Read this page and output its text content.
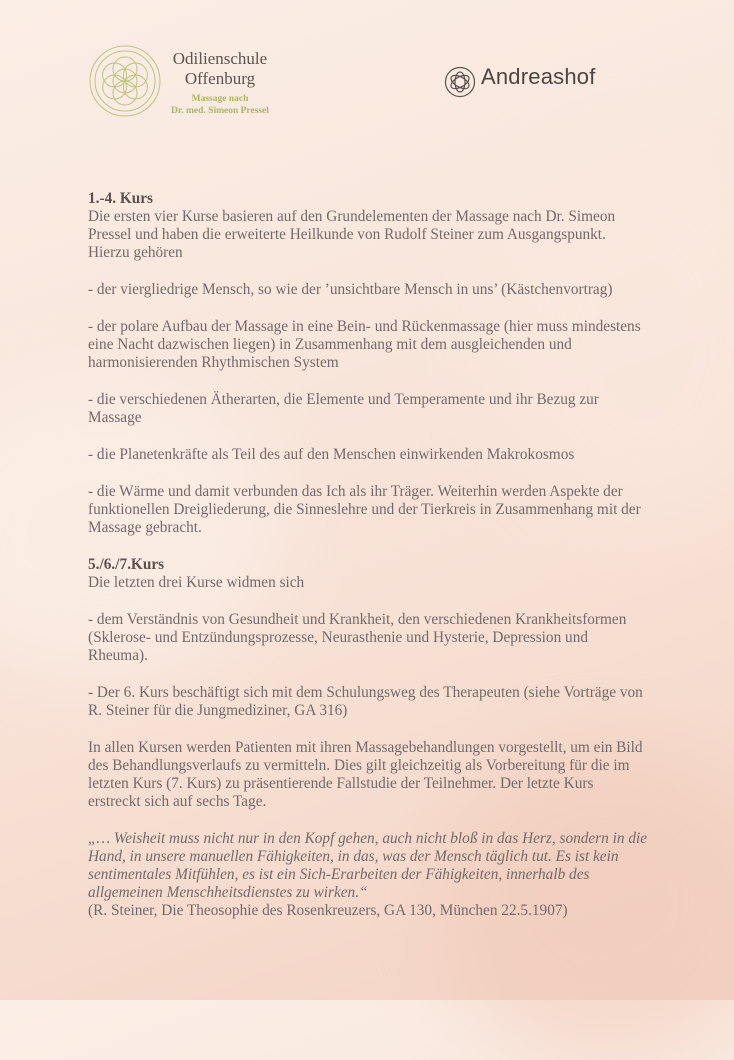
Odilienschule
Offenburg
Massage nach
Dr. med. Simeon Pressel
Andreashof

1.-4. Kurs
Die ersten vier Kurse basieren auf den Grundelementen der Massage nach Dr. Simeon Pressel und haben die erweiterte Heilkunde von Rudolf Steiner zum Ausgangspunkt. Hierzu gehören

- der viergliedrige Mensch, so wie der ’unsichtbare Mensch in uns’ (Kästchenvortrag)

- der polare Aufbau der Massage in eine Bein- und Rückenmassage (hier muss mindestens eine Nacht dazwischen liegen) in Zusammenhang mit dem ausgleichenden und harmonisierenden Rhythmischen System

- die verschiedenen Ätherarten, die Elemente und Temperamente und ihr Bezug zur Massage

- die Planetenkräfte als Teil des auf den Menschen einwirkenden Makrokosmos

- die Wärme und damit verbunden das Ich als ihr Träger. Weiterhin werden Aspekte der funktionellen Dreigliederung, die Sinneslehre und der Tierkreis in Zusammenhang mit der Massage gebracht.

5./6./7.Kurs
Die letzten drei Kurse widmen sich

- dem Verständnis von Gesundheit und Krankheit, den verschiedenen Krankheitsformen (Sklerose- und Entzündungsprozesse, Neurasthenie und Hysterie, Depression und Rheuma).

- Der 6. Kurs beschäftigt sich mit dem Schulungsweg des Therapeuten (siehe Vorträge von R. Steiner für die Jungmediziner, GA 316)

In allen Kursen werden Patienten mit ihren Massagebehandlungen vorgestellt, um ein Bild des Behandlungsverlaufs zu vermitteln. Dies gilt gleichzeitig als Vorbereitung für die im letzten Kurs (7. Kurs) zu präsentierende Fallstudie der Teilnehmer. Der letzte Kurs erstreckt sich auf sechs Tage.

„… Weisheit muss nicht nur in den Kopf gehen, auch nicht bloß in das Herz, sondern in die Hand, in unsere manuellen Fähigkeiten, in das, was der Mensch täglich tut. Es ist kein sentimentales Mitfühlen, es ist ein Sich-Erarbeiten der Fähigkeiten, innerhalb des allgemeinen Menschheitsdienstes zu wirken.“
(R. Steiner, Die Theosophie des Rosenkreuzers, GA 130, München 22.5.1907)
